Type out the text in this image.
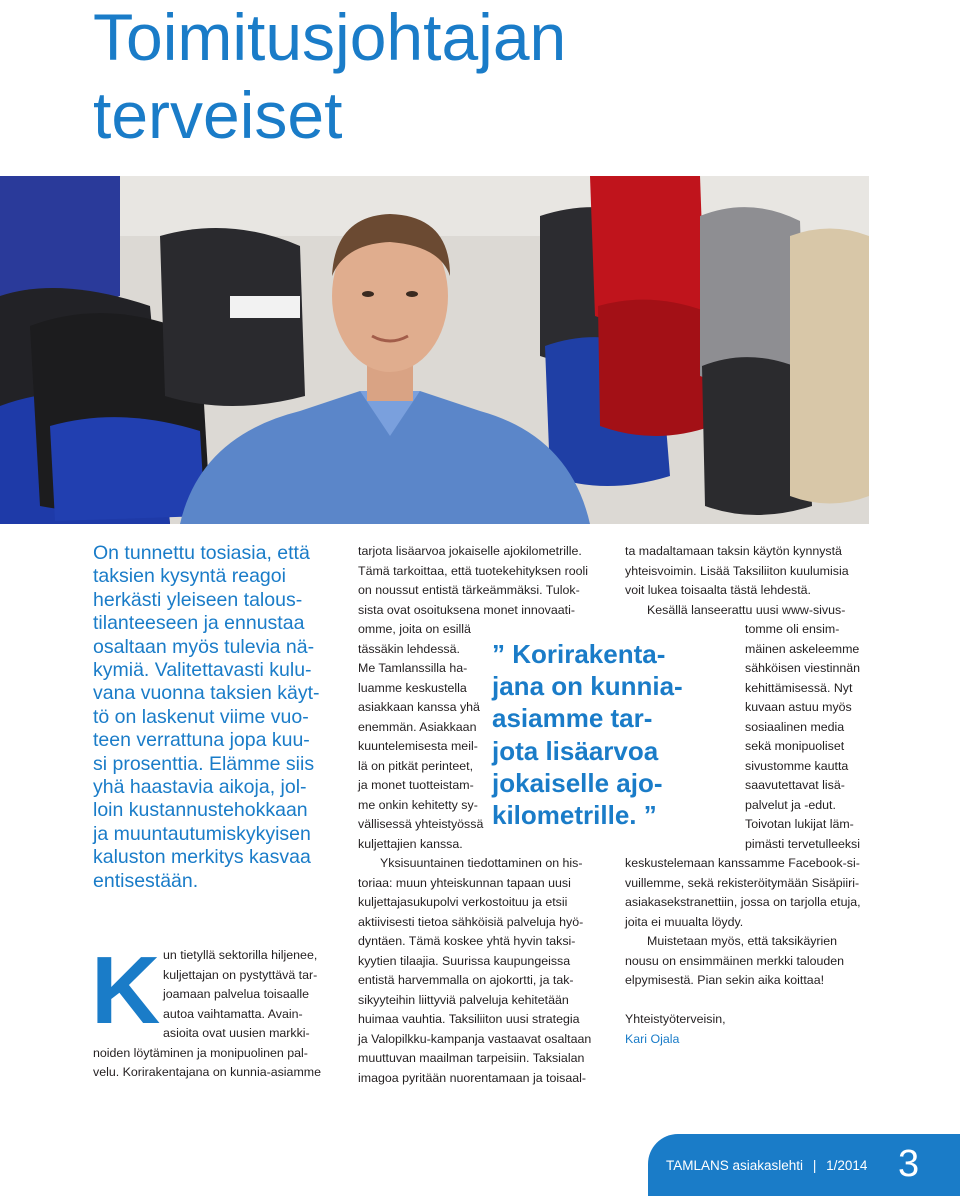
Toimitusjohtajan
terveiset

On tunnettu tosiasia, että
taksien kysyntä reagoi
herkästi yleiseen talous-
tilanteeseen ja ennustaa
osaltaan myös tulevia nä-
kymiä. Valitettavasti kulu-
vana vuonna taksien käyt-
tö on laskenut viime vuo-
teen verrattuna jopa kuu-
si prosenttia. Elämme siis
yhä haastavia aikoja, jol-
loin kustannustehokkaan
ja muuntautumiskykyisen
kaluston merkitys kasvaa
entisestään.

K un tietyllä sektorilla hiljenee,
kuljettajan on pystyttävä tar-
joamaan palvelua toisaalle
autoa vaihtamatta. Avain-
asioita ovat uusien markki-
noiden löytäminen ja monipuolinen pal-
velu. Korirakentajana on kunnia-asiamme
tarjota lisäarvoa jokaiselle ajokilometrille.
Tämä tarkoittaa, että tuotekehityksen rooli
on noussut entistä tärkeämmäksi. Tulok-
sista ovat osoituksena monet innovaati-
omme, joita on esillä
tässäkin lehdessä.
Me Tamlanssilla ha-
luamme keskustella
asiakkaan kanssa yhä
enemmän. Asiakkaan
kuuntelemisesta meil-
lä on pitkät perinteet,
ja monet tuotteistam-
me onkin kehitetty sy-
vällisessä yhteistyössä
kuljettajien kanssa.
Yksisuuntainen tiedottaminen on his-
toriaa: muun yhteiskunnan tapaan uusi
kuljettajasukupolvi verkostoituu ja etsii
aktiivisesti tietoa sähköisiä palveluja hyö-
dyntäen. Tämä koskee yhtä hyvin taksi-
kyytien tilaajia. Suurissa kaupungeissa
entistä harvemmalla on ajokortti, ja tak-
sikyyteihin liittyviä palveluja kehitetään
huimaa vauhtia. Taksiliiton uusi strategia
ja Valopilkku-kampanja vastaavat osaltaan
muuttuvan maailman tarpeisiin. Taksialan
imagoa pyritään nuorentamaan ja toisaal-
” Korirakenta-
jana on kunnia-
asiamme tar-
jota lisäarvoa
jokaiselle ajo-
kilometrille. ”
ta madaltamaan taksin käytön kynnystä
yhteisvoimin. Lisää Taksiliiton kuulumisia
voit lukea toisaalta tästä lehdestä.
Kesällä lanseerattu uusi www-sivus-
tomme oli ensim-
mäinen askeleemme
sähköisen viestinnän
kehittämisessä. Nyt
kuvaan astuu myös
sosiaalinen media
sekä monipuoliset
sivustomme kautta
saavutettavat lisä-
palvelut ja -edut.
Toivotan lukijat läm-
pimästi tervetulleeksi
keskustelemaan kanssamme Facebook-si-
vuillemme, sekä rekisteröitymään Sisäpiiri-
asiakasekstranettiin, jossa on tarjolla etuja,
joita ei muualta löydy.
Muistetaan myös, että taksikäyrien
nousu on ensimmäinen merkki talouden
elpymisestä. Pian sekin aika koittaa!
Yhteistyöterveisin,
Kari Ojala
TAMLANS asiakaslehti | 1/2014 3
